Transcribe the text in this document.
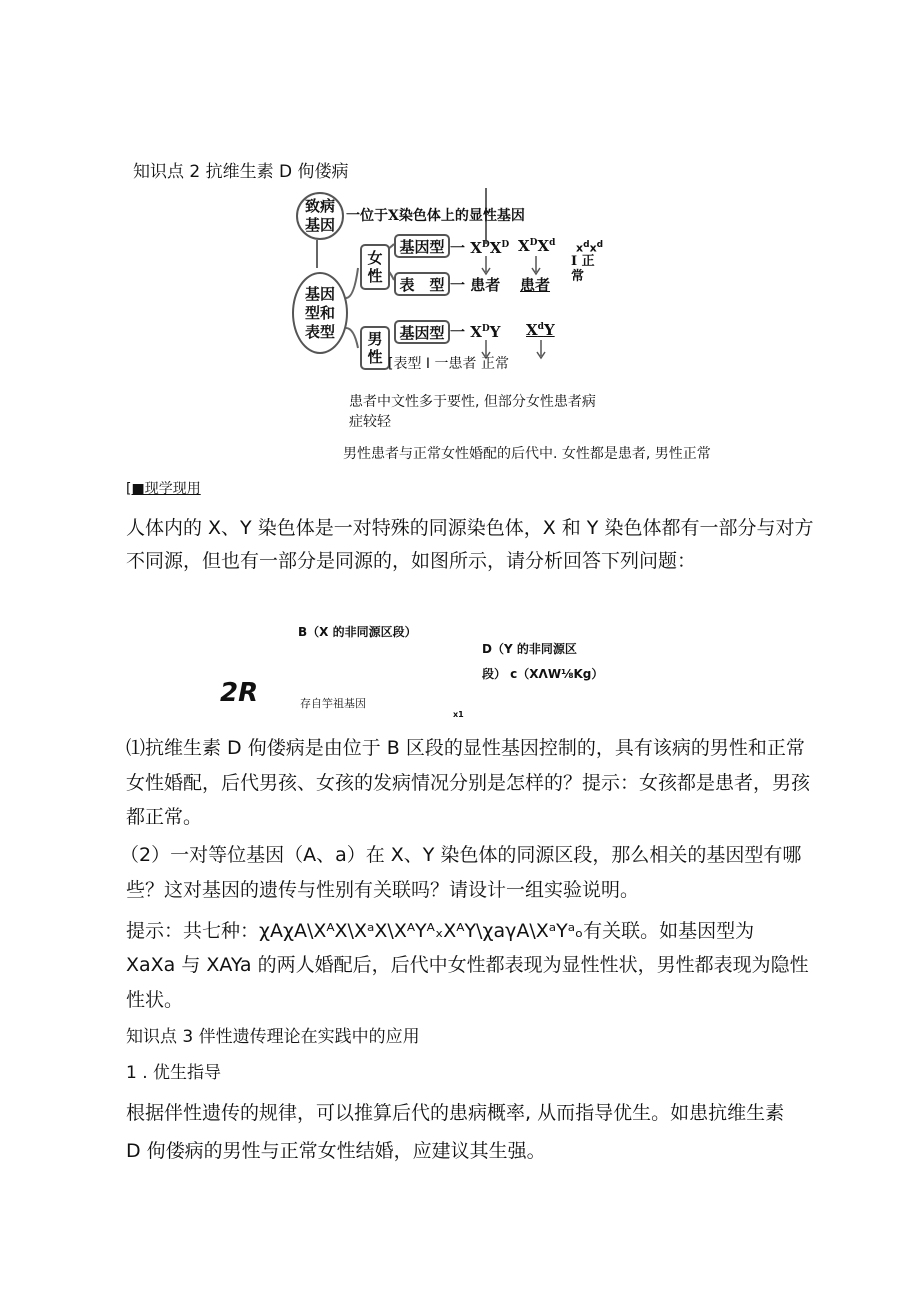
知识点 2 抗维生素 D 佝偻病
致病
基因 一位于X染色体上的显性基因
基因
型和
表型
女
性
男
性
基因型
表　型
基因型
一 $X^DX^D$ $X^DX^d$ $x^dx^d$
一 患者 患者
I 正
常
一 $X^DY$ $X^dY$
[表型 I 一患者 正常
患者中文性多于要性, 但部分女性患者病
症较轻
男性患者与正常女性婚配的后代中. 女性都是患者, 男性正常
[■现学现用
人体内的 X、Y 染色体是一对特殊的同源染色体，X 和 Y 染色体都有一部分与对方
不同源，但也有一部分是同源的，如图所示，请分析回答下列问题：
B（X 的非同源区段）
D（Y 的非同源区
段） c（XΛW⅛Kg）
2R	存自竽祖基因
x1
⑴抗维生素 D 佝偻病是由位于 B 区段的显性基因控制的，具有该病的男性和正常
女性婚配，后代男孩、女孩的发病情况分别是怎样的？提示：女孩都是患者，男孩
都正常。
（2）一对等位基因（A、a）在 X、Y 染色体的同源区段，那么相关的基因型有哪
些？这对基因的遗传与性别有关联吗？请设计一组实验说明。
提示：共七种：χAχA\XᴬX\XᵃX\XᴬYᴬₓXᴬY\χaγA\XᵃYᵃₒ有关联。如基因型为
XaXa 与 XAYa 的两人婚配后，后代中女性都表现为显性性状，男性都表现为隐性
性状。
知识点 3 伴性遗传理论在实践中的应用
1 . 优生指导
根据伴性遗传的规律，可以推算后代的患病概率, 从而指导优生。如患抗维生素
D 佝偻病的男性与正常女性结婚，应建议其生强。
